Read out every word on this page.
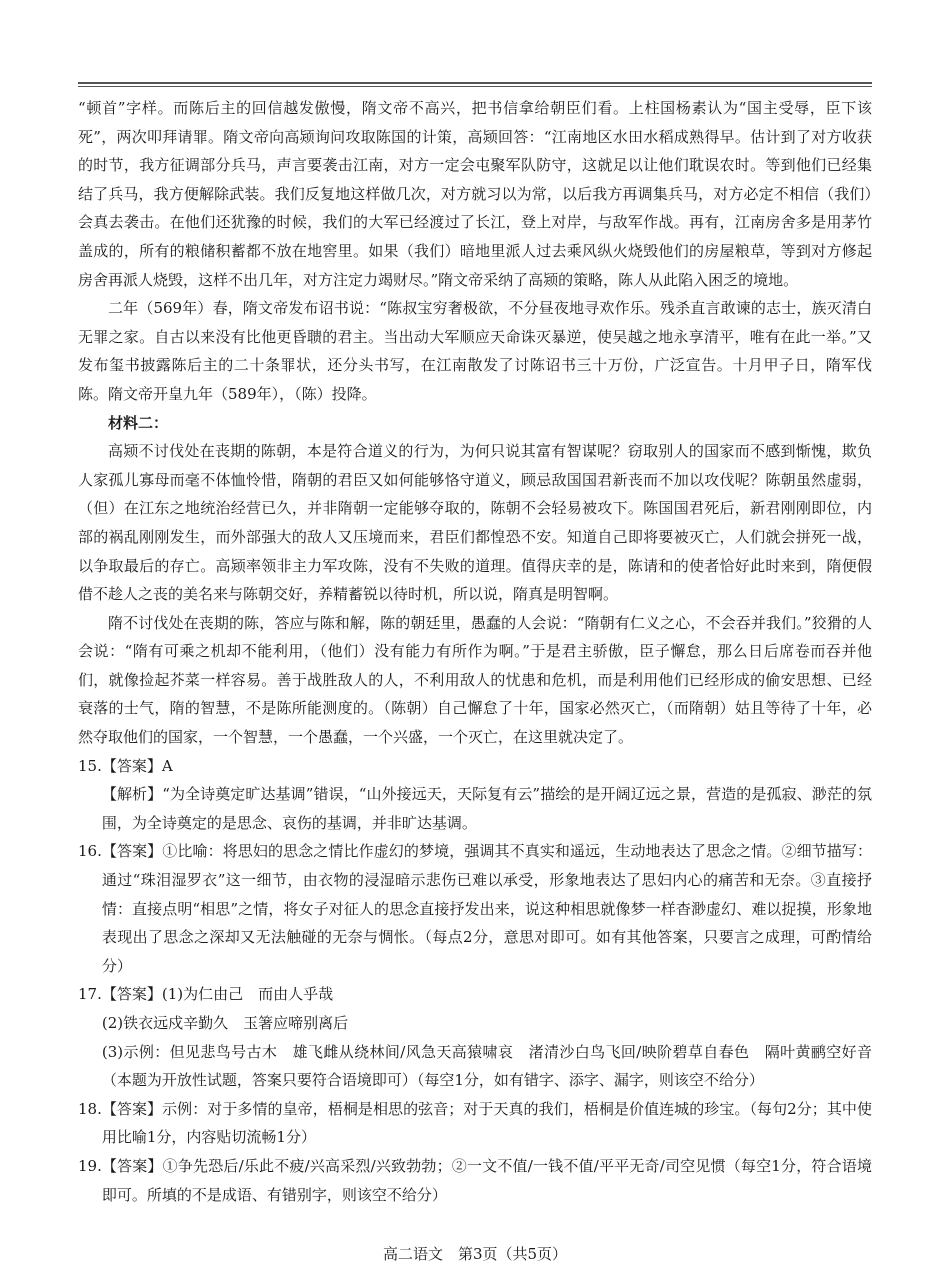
“顿首”字样。而陈后主的回信越发傲慢，隋文帝不高兴，把书信拿给朝臣们看。上柱国杨素认为“国主受辱，臣下该死”，两次叩拜请罪。隋文帝向高颎询问攻取陈国的计策，高颎回答：“江南地区水田水稻成熟得早。估计到了对方收获的时节，我方征调部分兵马，声言要袭击江南，对方一定会屯聚军队防守，这就足以让他们耽误农时。等到他们已经集结了兵马，我方便解除武装。我们反复地这样做几次，对方就习以为常，以后我方再调集兵马，对方必定不相信（我们）会真去袭击。在他们还犹豫的时候，我们的大军已经渡过了长江，登上对岸，与敌军作战。再有，江南房舍多是用茅竹盖成的，所有的粮储积蓄都不放在地窖里。如果（我们）暗地里派人过去乘风纵火烧毁他们的房屋粮草，等到对方修起房舍再派人烧毁，这样不出几年，对方注定力竭财尽。”隋文帝采纳了高颎的策略，陈人从此陷入困乏的境地。

二年（569年）春，隋文帝发布诏书说：“陈叔宝穷奢极欲，不分昼夜地寻欢作乐。残杀直言敢谏的志士，族灭清白无罪之家。自古以来没有比他更昏聩的君主。当出动大军顺应天命诛灭暴逆，使吴越之地永享清平，唯有在此一举。”又发布玺书披露陈后主的二十条罪状，还分头书写，在江南散发了讨陈诏书三十万份，广泛宣告。十月甲子日，隋军伐陈。隋文帝开皇九年（589年），（陈）投降。

材料二：

高颎不讨伐处在丧期的陈朝，本是符合道义的行为，为何只说其富有智谋呢？窃取别人的国家而不感到惭愧，欺负人家孤儿寡母而毫不体恤怜惜，隋朝的君臣又如何能够恪守道义，顾忌敌国国君新丧而不加以攻伐呢？陈朝虽然虚弱，（但）在江东之地统治经营已久，并非隋朝一定能够夺取的，陈朝不会轻易被攻下。陈国国君死后，新君刚刚即位，内部的祸乱刚刚发生，而外部强大的敌人又压境而来，君臣们都惶恐不安。知道自己即将要被灭亡，人们就会拼死一战，以争取最后的存亡。高颎率领非主力军攻陈，没有不失败的道理。值得庆幸的是，陈请和的使者恰好此时来到，隋便假借不趁人之丧的美名来与陈朝交好，养精蓄锐以待时机，所以说，隋真是明智啊。

隋不讨伐处在丧期的陈，答应与陈和解，陈的朝廷里，愚蠢的人会说：“隋朝有仁义之心，不会吞并我们。”狡猾的人会说：“隋有可乘之机却不能利用，（他们）没有能力有所作为啊。”于是君主骄傲，臣子懈怠，那么日后席卷而吞并他们，就像捡起芥菜一样容易。善于战胜敌人的人，不利用敌人的忧患和危机，而是利用他们已经形成的偷安思想、已经衰落的士气，隋的智慧，不是陈所能测度的。（陈朝）自己懈怠了十年，国家必然灭亡，（而隋朝）姑且等待了十年，必然夺取他们的国家，一个智慧，一个愚蠢，一个兴盛，一个灭亡，在这里就决定了。

15. 【答案】A
【解析】“为全诗奠定旷达基调”错误，“山外接远天，天际复有云”描绘的是开阔辽远之景，营造的是孤寂、渺茫的氛围，为全诗奠定的是思念、哀伤的基调，并非旷达基调。
16. 【答案】①比喻：将思妇的思念之情比作虚幻的梦境，强调其不真实和遥远，生动地表达了思念之情。②细节描写：通过“珠泪湿罗衣”这一细节，由衣物的浸湿暗示悲伤已难以承受，形象地表达了思妇内心的痛苦和无奈。③直接抒情：直接点明“相思”之情，将女子对征人的思念直接抒发出来，说这种相思就像梦一样杳渺虚幻、难以捉摸，形象地表现出了思念之深却又无法触碰的无奈与惆怅。（每点2分，意思对即可。如有其他答案，只要言之成理，可酌情给分）
17. 【答案】(1)为仁由己　而由人乎哉
(2)铁衣远戍辛勤久　玉箸应啼别离后
(3)示例：但见悲鸟号古木　雄飞雌从绕林间/风急天高猿啸哀　渚清沙白鸟飞回/映阶碧草自春色　隔叶黄鹂空好音（本题为开放性试题，答案只要符合语境即可）（每空1分，如有错字、添字、漏字，则该空不给分）
18. 【答案】示例：对于多情的皇帝，梧桐是相思的弦音；对于天真的我们，梧桐是价值连城的珍宝。（每句2分；其中使用比喻1分，内容贴切流畅1分）
19. 【答案】①争先恐后/乐此不疲/兴高采烈/兴致勃勃；②一文不值/一钱不值/平平无奇/司空见惯（每空1分，符合语境即可。所填的不是成语、有错别字，则该空不给分）
高二语文　第3页（共5页）
